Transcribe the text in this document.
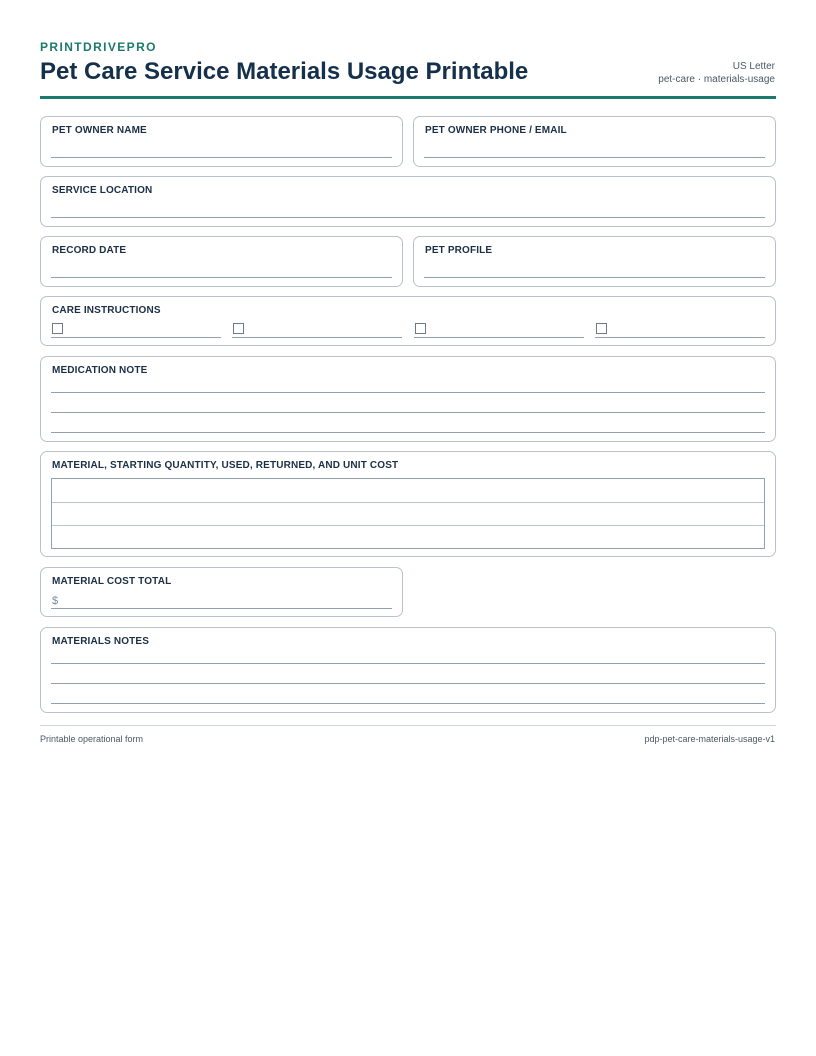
PRINTDRIVEPRO
Pet Care Service Materials Usage Printable	US Letter
pet-care · materials-usage
PET OWNER NAME	PET OWNER PHONE / EMAIL
SERVICE LOCATION
RECORD DATE	PET PROFILE
CARE INSTRUCTIONS
MEDICATION NOTE
MATERIAL, STARTING QUANTITY, USED, RETURNED, AND UNIT COST
MATERIAL COST TOTAL
$
MATERIALS NOTES
Printable operational form	pdp-pet-care-materials-usage-v1
